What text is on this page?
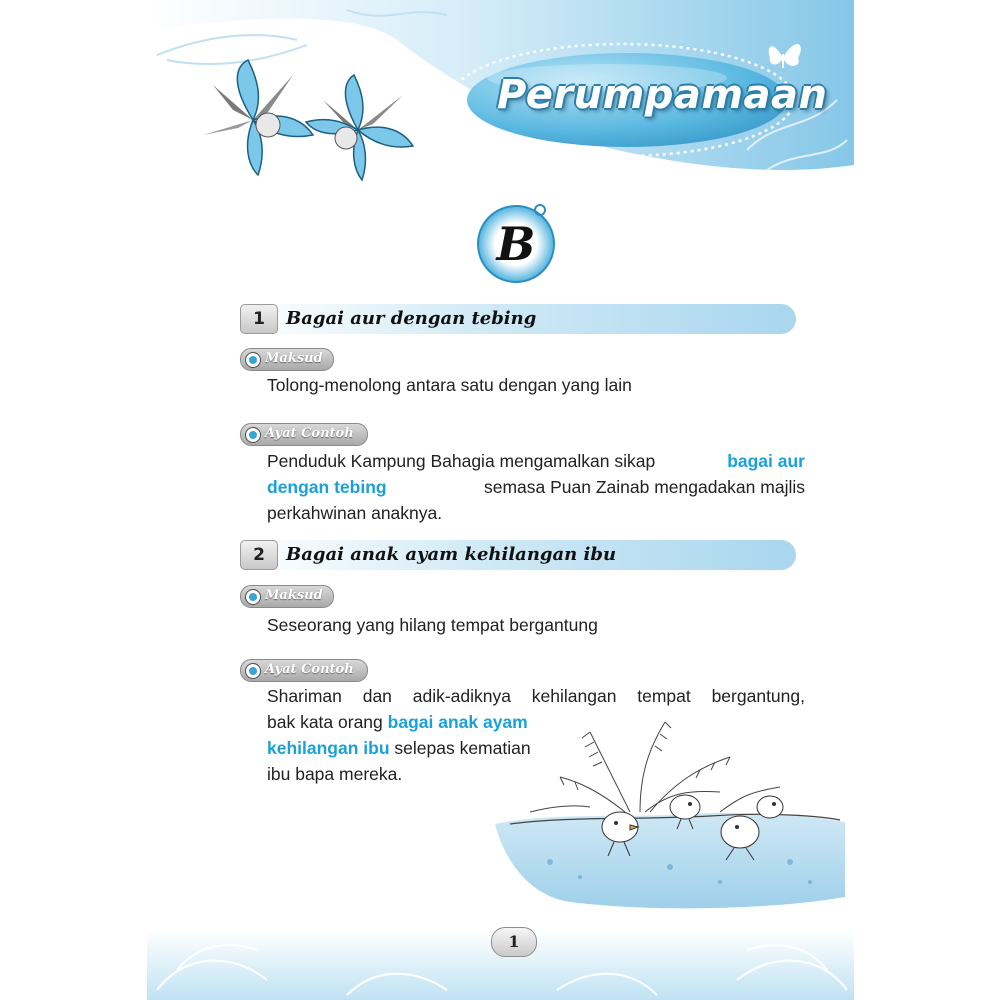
Perumpamaan
B
1	Bagai aur dengan tebing
Maksud
Tolong-menolong antara satu dengan yang lain
Ayat Contoh
Penduduk Kampung Bahagia mengamalkan sikap	bagai aur
dengan tebing	semasa Puan Zainab mengadakan majlis
perkahwinan anaknya.
2	Bagai anak ayam kehilangan ibu
Maksud
Seseorang yang hilang tempat bergantung
Ayat Contoh
Shariman dan adik-adiknya kehilangan tempat bergantung,
bak kata orang bagai anak ayam
kehilangan ibu selepas kematian
ibu bapa mereka.
1
